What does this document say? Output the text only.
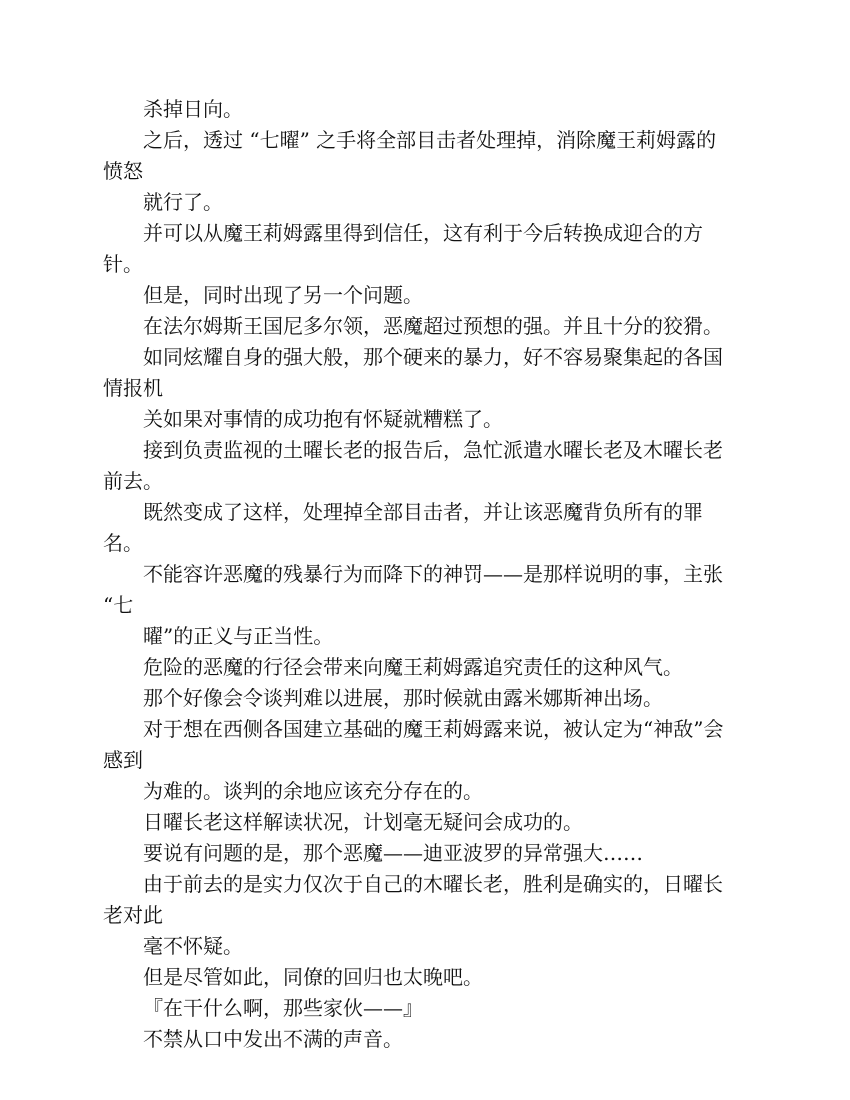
杀掉日向。

之后，透过 “七曜” 之手将全部目击者处理掉，消除魔王莉姆露的

愤怒

就行了。

并可以从魔王莉姆露里得到信任，这有利于今后转换成迎合的方

针。

但是，同时出现了另一个问题。

在法尔姆斯王国尼多尔领，恶魔超过预想的强。并且十分的狡猾。

如同炫耀自身的强大般，那个硬来的暴力，好不容易聚集起的各国

情报机

关如果对事情的成功抱有怀疑就糟糕了。

接到负责监视的土曜长老的报告后，急忙派遣水曜长老及木曜长老

前去。

既然变成了这样，处理掉全部目击者，并让该恶魔背负所有的罪

名。

不能容许恶魔的残暴行为而降下的神罚——是那样说明的事，主张

“七

曜”的正义与正当性。

危险的恶魔的行径会带来向魔王莉姆露追究责任的这种风气。

那个好像会令谈判难以进展，那时候就由露米娜斯神出场。

对于想在西侧各国建立基础的魔王莉姆露来说，被认定为“神敌”会

感到

为难的。谈判的余地应该充分存在的。

日曜长老这样解读状况，计划毫无疑问会成功的。

要说有问题的是，那个恶魔——迪亚波罗的异常强大……

由于前去的是实力仅次于自己的木曜长老，胜利是确实的，日曜长

老对此

毫不怀疑。

但是尽管如此，同僚的回归也太晚吧。

『在干什么啊，那些家伙——』

不禁从口中发出不满的声音。
